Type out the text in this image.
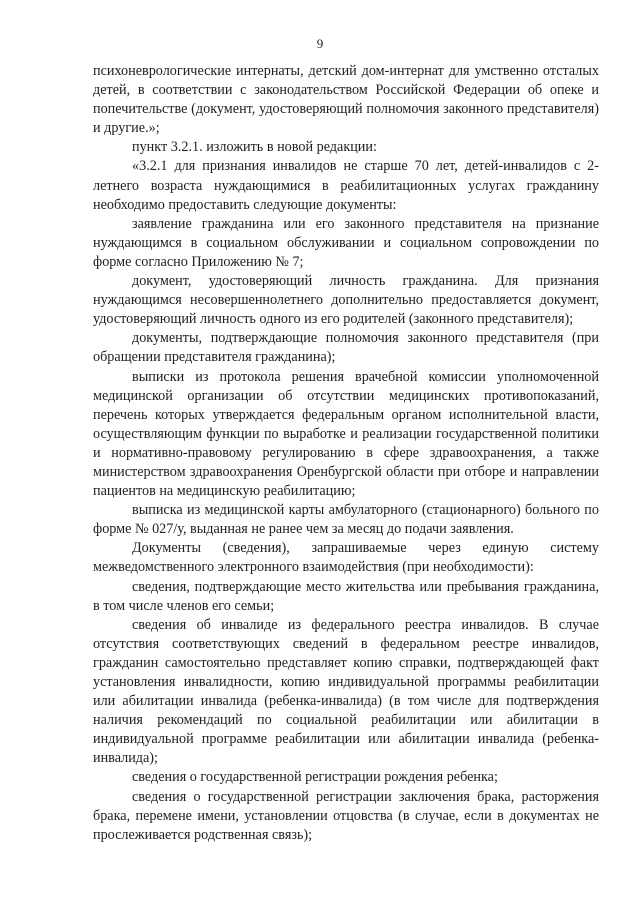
9

психоневрологические интернаты, детский дом-интернат для умственно отсталых детей, в соответствии с законодательством Российской Федерации об опеке и попечительстве (документ, удостоверяющий полномочия законного представителя) и другие.»;

пункт 3.2.1. изложить в новой редакции:

«3.2.1 для признания инвалидов не старше 70 лет, детей-инвалидов с 2-летнего возраста нуждающимися в реабилитационных услугах гражданину необходимо предоставить следующие документы:

заявление гражданина или его законного представителя на признание нуждающимся в социальном обслуживании и социальном сопровождении по форме согласно Приложению № 7;

документ, удостоверяющий личность гражданина. Для признания нуждающимся несовершеннолетнего дополнительно предоставляется документ, удостоверяющий личность одного из его родителей (законного представителя);

документы, подтверждающие полномочия законного представителя (при обращении представителя гражданина);

выписки из протокола решения врачебной комиссии уполномоченной медицинской организации об отсутствии медицинских противопоказаний, перечень которых утверждается федеральным органом исполнительной власти, осуществляющим функции по выработке и реализации государственной политики и нормативно-правовому регулированию в сфере здравоохранения, а также министерством здравоохранения Оренбургской области при отборе и направлении пациентов на медицинскую реабилитацию;

выписка из медицинской карты амбулаторного (стационарного) больного по форме № 027/у, выданная не ранее чем за месяц до подачи заявления.

Документы (сведения), запрашиваемые через единую систему межведомственного электронного взаимодействия (при необходимости):

сведения, подтверждающие место жительства или пребывания гражданина, в том числе членов его семьи;

сведения об инвалиде из федерального реестра инвалидов. В случае отсутствия соответствующих сведений в федеральном реестре инвалидов, гражданин самостоятельно представляет копию справки, подтверждающей факт установления инвалидности, копию индивидуальной программы реабилитации или абилитации инвалида (ребенка-инвалида) (в том числе для подтверждения наличия рекомендаций по социальной реабилитации или абилитации в индивидуальной программе реабилитации или абилитации инвалида (ребенка-инвалида);

сведения о государственной регистрации рождения ребенка;

сведения о государственной регистрации заключения брака, расторжения брака, перемене имени, установлении отцовства (в случае, если в документах не прослеживается родственная связь);
